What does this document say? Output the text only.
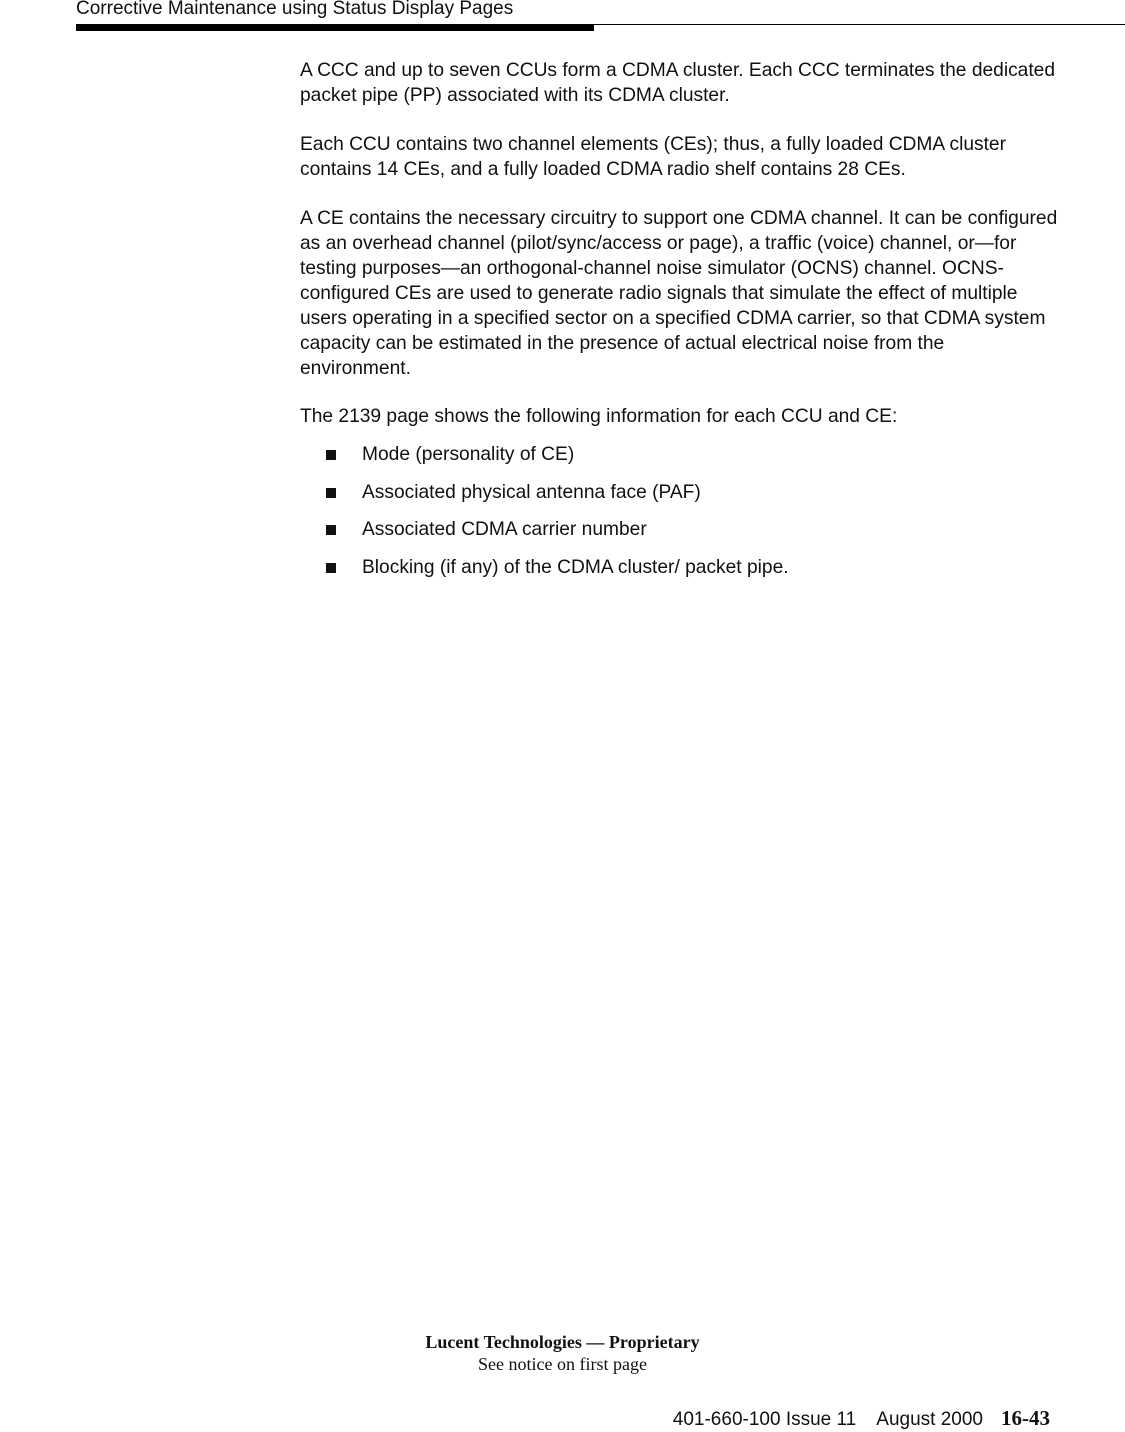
Corrective Maintenance using Status Display Pages

A CCC and up to seven CCUs form a CDMA cluster. Each CCC terminates the dedicated packet pipe (PP) associated with its CDMA cluster.

Each CCU contains two channel elements (CEs); thus, a fully loaded CDMA cluster contains 14 CEs, and a fully loaded CDMA radio shelf contains 28 CEs.

A CE contains the necessary circuitry to support one CDMA channel. It can be configured as an overhead channel (pilot/sync/access or page), a traffic (voice) channel, or—for testing purposes—an orthogonal-channel noise simulator (OCNS) channel. OCNS-configured CEs are used to generate radio signals that simulate the effect of multiple users operating in a specified sector on a specified CDMA carrier, so that CDMA system capacity can be estimated in the presence of actual electrical noise from the environment.

The 2139 page shows the following information for each CCU and CE:

Mode (personality of CE)
Associated physical antenna face (PAF)
Associated CDMA carrier number
Blocking (if any) of the CDMA cluster/ packet pipe.
Lucent Technologies — Proprietary
See notice on first page
401-660-100 Issue 11    August 2000 16-43
